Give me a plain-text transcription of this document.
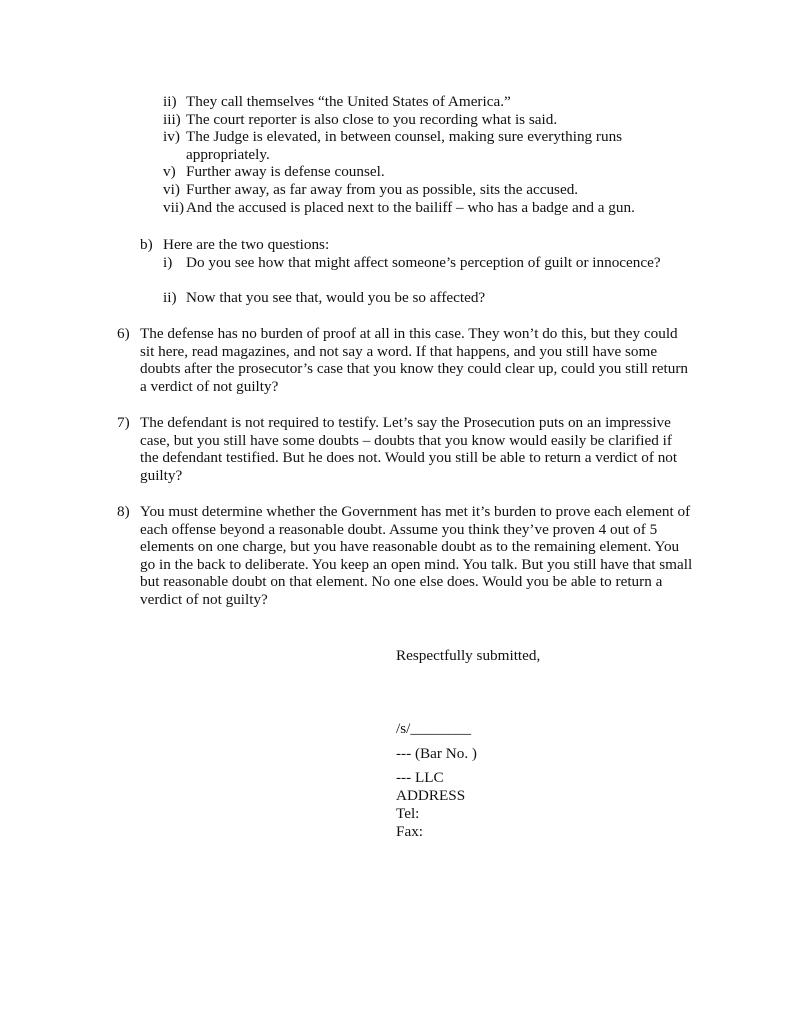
ii) They call themselves “the United States of America.”
iii) The court reporter is also close to you recording what is said.
iv) The Judge is elevated, in between counsel, making sure everything runs appropriately.
v) Further away is defense counsel.
vi) Further away, as far away from you as possible, sits the accused.
vii) And the accused is placed next to the bailiff – who has a badge and a gun.
b) Here are the two questions:
i) Do you see how that might affect someone’s perception of guilt or innocence?
ii) Now that you see that, would you be so affected?
6) The defense has no burden of proof at all in this case. They won’t do this, but they could sit here, read magazines, and not say a word. If that happens, and you still have some doubts after the prosecutor’s case that you know they could clear up, could you still return a verdict of not guilty?
7) The defendant is not required to testify. Let’s say the Prosecution puts on an impressive case, but you still have some doubts – doubts that you know would easily be clarified if the defendant testified. But he does not. Would you still be able to return a verdict of not guilty?
8) You must determine whether the Government has met it’s burden to prove each element of each offense beyond a reasonable doubt. Assume you think they’ve proven 4 out of 5 elements on one charge, but you have reasonable doubt as to the remaining element. You go in the back to deliberate. You keep an open mind. You talk. But you still have that small but reasonable doubt on that element. No one else does. Would you be able to return a verdict of not guilty?
Respectfully submitted,
/s/________
--- (Bar No. )
--- LLC
ADDRESS
Tel:
Fax:
